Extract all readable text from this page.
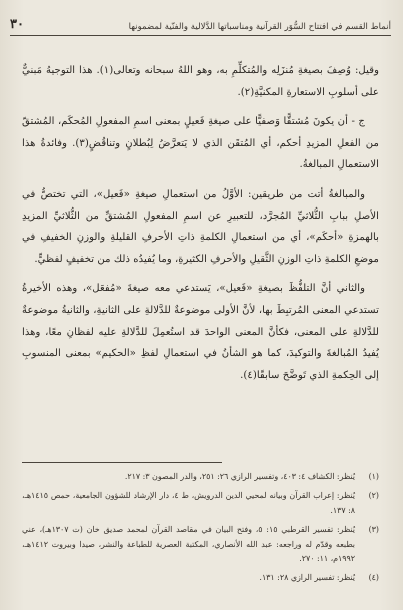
أنماط القسم في افتتاح السُّوَر القرآنية ومناسباتها الدَّلالية والفنّية لمضمونها
٣٠

وقيل: وُصِفَ بصيغةِ مُنزَلِه والمُتكلِّمِ به، وهو اللهُ سبحانه وتعالى(١). هذا التوجيهُ مَبنيٌّ على أسلوبِ الاستعارةِ المكنيَّةِ(٢).

ج - أن يكونَ مُشتقًّا وَصفيًّا على صيغةِ فَعيلٍ بمعنى اسمِ المفعولِ المُحكَم، المُشتقّ من الفعلِ المزيدِ أحكم، أي المُتقَن الذي لا يَتعرَّضُ لِبُطلانٍ وتناقُضٍ(٣). وفائدةُ هذا الاستعمالِ المبالغةُ.

والمبالغةُ أتت من طريقين: الأوَّلُ من استعمالِ صيغةِ «فَعيل»، التي تختصُّ في الأصلِ ببابِ الثُّلاثيِّ المُجرَّد، للتعبيرِ عن اسمِ المفعولِ المُشتقِّ من الثُّلاثيِّ المزيدِ بالهمزةِ «أحكَم»، أي من استعمالِ الكلمةِ ذاتِ الأحرفِ القليلةِ والوزنِ الخفيفِ في موضعِ الكلمةِ ذاتِ الوزنِ الثَّقيلِ والأحرفِ الكثيرةِ، وما يُفيدُه ذلك من تخفيفٍ لفظيٍّ.

والثاني أنَّ التلفُّظَ بصيغةِ «فَعيل»، يَستدعي معه صيغةَ «مُفعَل»، وهذه الأخيرةُ تستدعي المعنى المُرتبِطَ بها، لأنَّ الأولى موضوعةٌ للدَّلالةِ على الثانيةِ، والثانيةُ موضوعةٌ للدَّلالةِ على المعنى، فكأنَّ المعنى الواحدَ قد استُعمِلَ للدَّلالةِ عليه لفظانِ معًا، وهذا يُفيدُ المُبالغةَ والتوكيدَ، كما هو الشأنُ في استعمالِ لفظِ «الحكيم» بمعنى المنسوبِ إلى الحِكمةِ الذي تَوضَّحَ سابقًا(٤).

(١)
يُنظر: الكشاف ٤: ٤٠٣، وتفسير الرازي ٢٦: ٢٥١، والدر المصون ٣: ٢١٧.
(٢)
يُنظر: إعراب القرآن وبيانه لمحيي الدين الدرويش، ط ٤، دار الإرشاد للشؤون الجامعية، حمص ١٤١٥هـ، ٨: ١٣٧.
(٣)
يُنظر: تفسير القرطبي ١٥: ٥، وفتح البيان في مقاصد القرآن لمحمد صديق خان (ت ١٣٠٧هـ)، عني بطبعه وقدّم له وراجعه: عبد الله الأنصاري، المكتبة العصرية للطباعة والنشر، صيدا وبيروت ١٤١٢هـ، ١٩٩٢م، ١١: ٢٧٠.
(٤)
يُنظر: تفسير الرازي ٢٨: ١٣١.
